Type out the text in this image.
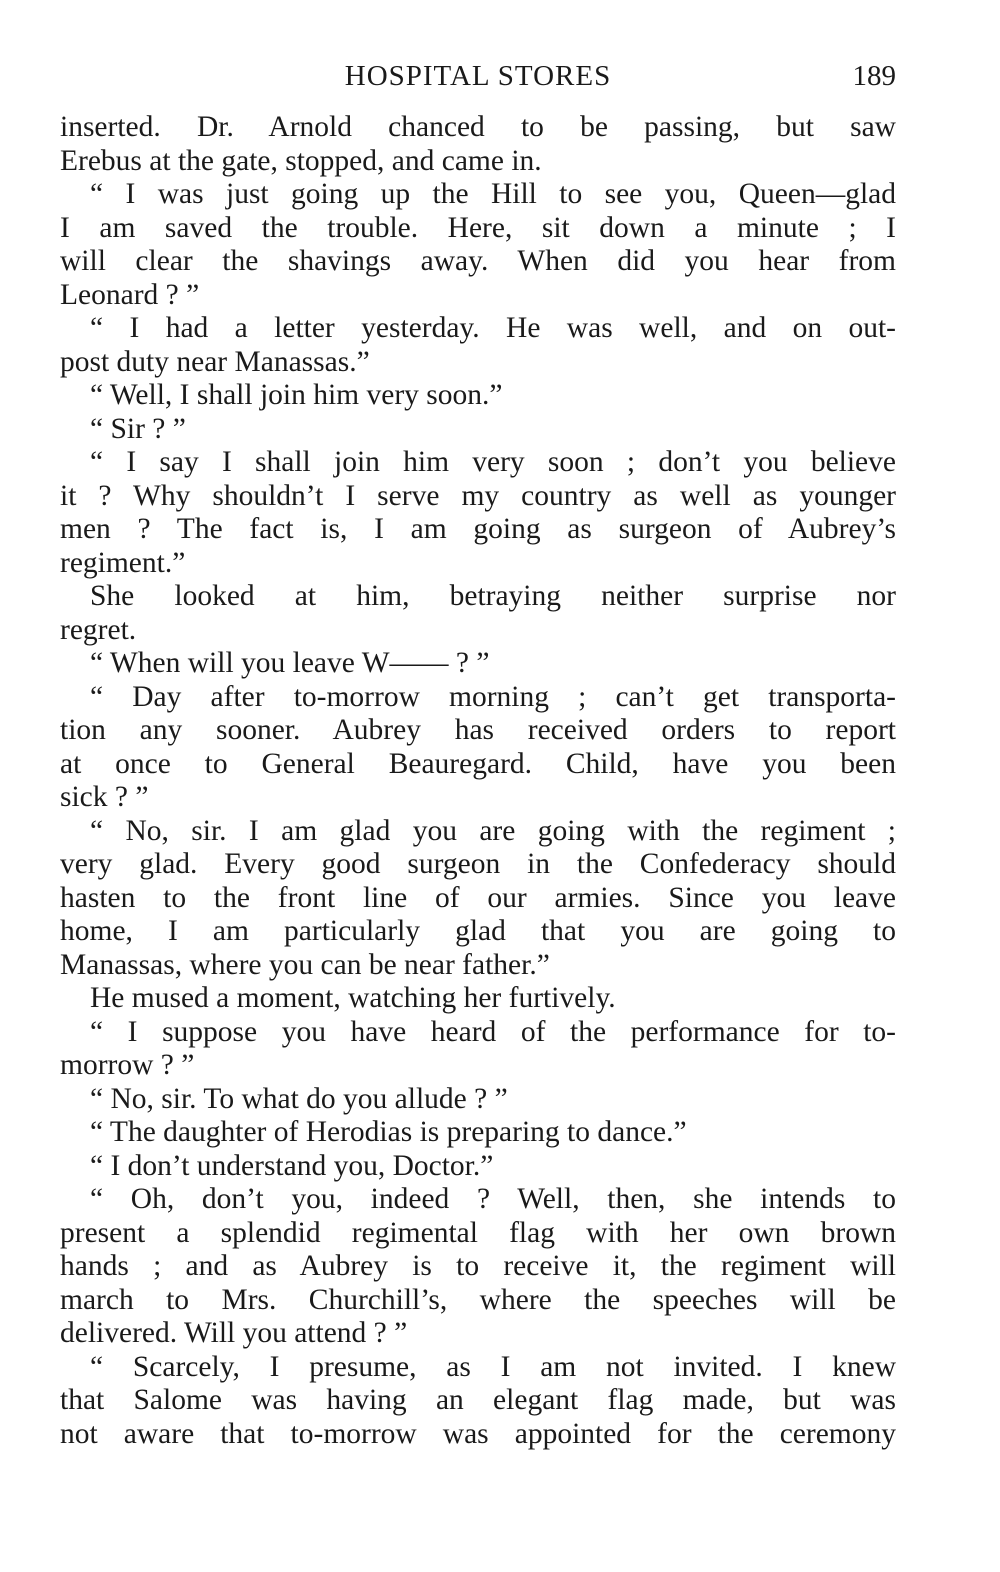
HOSPITAL STORES	189
inserted. Dr. Arnold chanced to be passing, but saw
Erebus at the gate, stopped, and came in.
“ I was just going up the Hill to see you, Queen—glad
I am saved the trouble. Here, sit down a minute ; I
will clear the shavings away. When did you hear from
Leonard ? ”
“ I had a letter yesterday. He was well, and on out-
post duty near Manassas.”
“ Well, I shall join him very soon.”
“ Sir ? ”
“ I say I shall join him very soon ; don’t you believe
it ? Why shouldn’t I serve my country as well as younger
men ? The fact is, I am going as surgeon of Aubrey’s
regiment.”
She looked at him, betraying neither surprise nor
regret.
“ When will you leave W—— ? ”
“ Day after to-morrow morning ; can’t get transporta-
tion any sooner. Aubrey has received orders to report
at once to General Beauregard. Child, have you been
sick ? ”
“ No, sir. I am glad you are going with the regiment ;
very glad. Every good surgeon in the Confederacy should
hasten to the front line of our armies. Since you leave
home, I am particularly glad that you are going to
Manassas, where you can be near father.”
He mused a moment, watching her furtively.
“ I suppose you have heard of the performance for to-
morrow ? ”
“ No, sir. To what do you allude ? ”
“ The daughter of Herodias is preparing to dance.”
“ I don’t understand you, Doctor.”
“ Oh, don’t you, indeed ? Well, then, she intends to
present a splendid regimental flag with her own brown
hands ; and as Aubrey is to receive it, the regiment will
march to Mrs. Churchill’s, where the speeches will be
delivered. Will you attend ? ”
“ Scarcely, I presume, as I am not invited. I knew
that Salome was having an elegant flag made, but was
not aware that to-morrow was appointed for the ceremony
